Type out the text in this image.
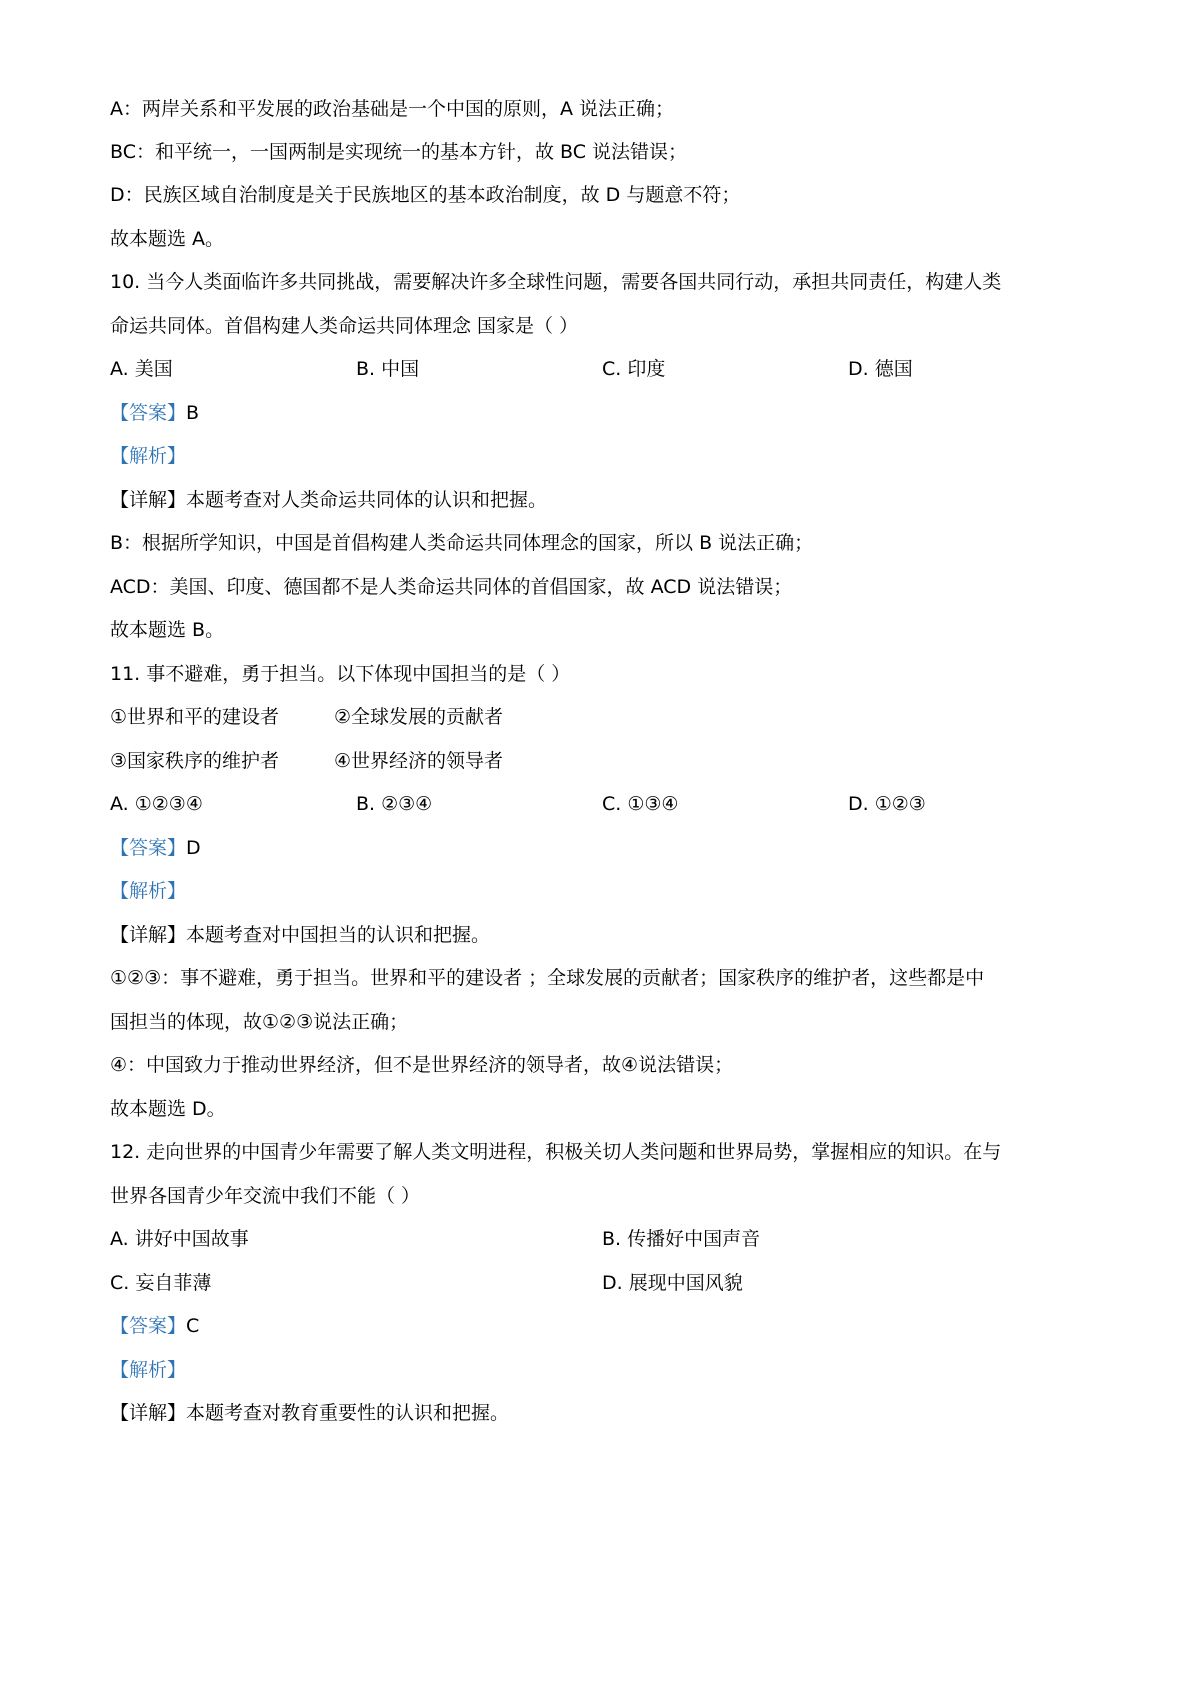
A：两岸关系和平发展的政治基础是一个中国的原则，A 说法正确；
BC：和平统一，一国两制是实现统一的基本方针，故 BC 说法错误；
D：民族区域自治制度是关于民族地区的基本政治制度，故 D 与题意不符；
故本题选 A。
10. 当今人类面临许多共同挑战，需要解决许多全球性问题，需要各国共同行动，承担共同责任，构建人类
命运共同体。首倡构建人类命运共同体理念 国家是（ ）
A. 美国	B. 中国	C. 印度	D. 德国
【答案】B
【解析】
【详解】本题考查对人类命运共同体的认识和把握。
B：根据所学知识，中国是首倡构建人类命运共同体理念的国家，所以 B 说法正确；
ACD：美国、印度、德国都不是人类命运共同体的首倡国家，故 ACD 说法错误；
故本题选 B。
11. 事不避难，勇于担当。以下体现中国担当的是（ ）
①世界和平的建设者	②全球发展的贡献者
③国家秩序的维护者	④世界经济的领导者
A. ①②③④	B. ②③④	C. ①③④	D. ①②③
【答案】D
【解析】
【详解】本题考查对中国担当的认识和把握。
①②③：事不避难，勇于担当。世界和平的建设者 ；全球发展的贡献者；国家秩序的维护者，这些都是中
国担当的体现，故①②③说法正确；
④：中国致力于推动世界经济，但不是世界经济的领导者，故④说法错误；
故本题选 D。
12. 走向世界的中国青少年需要了解人类文明进程，积极关切人类问题和世界局势，掌握相应的知识。在与
世界各国青少年交流中我们不能（ ）
A. 讲好中国故事	B. 传播好中国声音
C. 妄自菲薄	D. 展现中国风貌
【答案】C
【解析】
【详解】本题考查对教育重要性的认识和把握。
